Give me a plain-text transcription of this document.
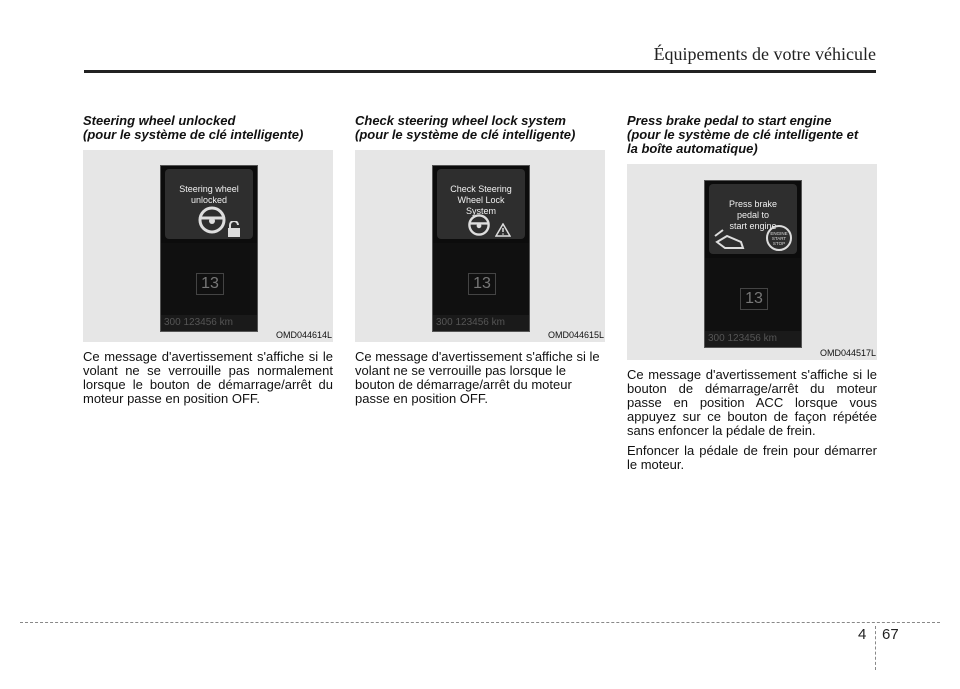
Équipements de votre véhicule

Steering wheel unlocked
(pour le système de clé intelligente)

Steering wheel
unlocked

13
300 123456 km
OMD044614L

Ce message d'avertissement s'affiche si le volant ne se verrouille pas normalement lorsque le bouton de démarrage/arrêt du moteur passe en position OFF.

Check steering wheel lock system
(pour le système de clé intelligente)

Check Steering
Wheel Lock
System

13
300 123456 km
OMD044615L

Ce message d'avertissement s'affiche si le volant ne se verrouille pas lorsque le bouton de démarrage/arrêt du moteur passe en position OFF.

Press brake pedal to start engine
(pour le système de clé intelligente et
la boîte automatique)

Press brake
pedal to
start engine

ENGINE
START
STOP

13
300 123456 km
OMD044517L

Ce message d'avertissement s'affiche si le bouton de démarrage/arrêt du moteur passe en position ACC lorsque vous appuyez sur ce bouton de façon répétée sans enfoncer la pédale de frein.

Enfoncer la pédale de frein pour démarrer le moteur.

4 67
